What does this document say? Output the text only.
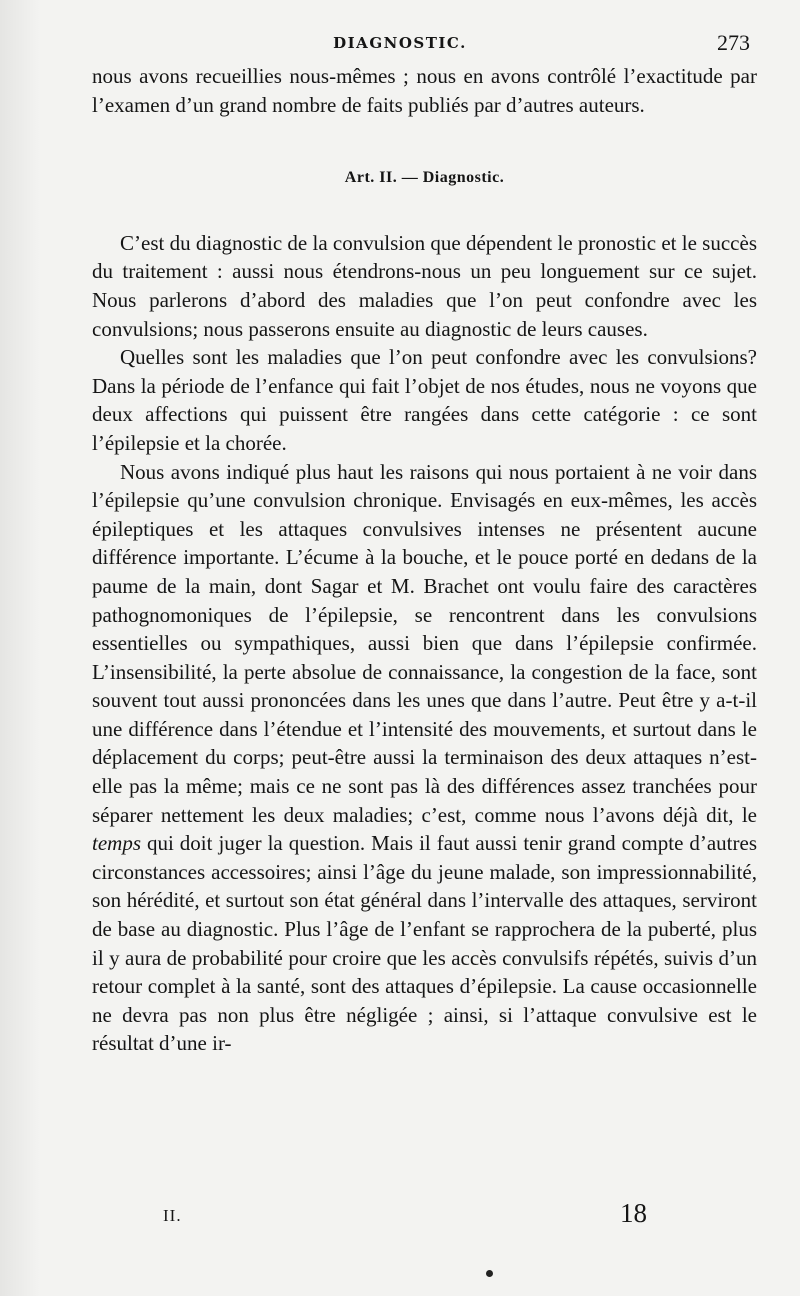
DIAGNOSTIC.	273

nous avons recueillies nous-mêmes ; nous en avons contrôlé l’exactitude par l’examen d’un grand nombre de faits publiés par d’autres auteurs.

Art. II. — Diagnostic.

C’est du diagnostic de la convulsion que dépendent le pronostic et le succès du traitement : aussi nous étendrons-nous un peu longuement sur ce sujet. Nous parlerons d’abord des maladies que l’on peut confondre avec les convulsions; nous passerons ensuite au diagnostic de leurs causes.

Quelles sont les maladies que l’on peut confondre avec les convulsions? Dans la période de l’enfance qui fait l’objet de nos études, nous ne voyons que deux affections qui puissent être rangées dans cette catégorie : ce sont l’épilepsie et la chorée.

Nous avons indiqué plus haut les raisons qui nous portaient à ne voir dans l’épilepsie qu’une convulsion chronique. Envisagés en eux-mêmes, les accès épileptiques et les attaques convulsives intenses ne présentent aucune différence importante. L’écume à la bouche, et le pouce porté en dedans de la paume de la main, dont Sagar et M. Brachet ont voulu faire des caractères pathognomoniques de l’épilepsie, se rencontrent dans les convulsions essentielles ou sympathiques, aussi bien que dans l’épilepsie confirmée. L’insensibilité, la perte absolue de connaissance, la congestion de la face, sont souvent tout aussi prononcées dans les unes que dans l’autre. Peut être y a-t-il une différence dans l’étendue et l’intensité des mouvements, et surtout dans le déplacement du corps; peut-être aussi la terminaison des deux attaques n’est-elle pas la même; mais ce ne sont pas là des différences assez tranchées pour séparer nettement les deux maladies; c’est, comme nous l’avons déjà dit, le temps qui doit juger la question. Mais il faut aussi tenir grand compte d’autres circonstances accessoires; ainsi l’âge du jeune malade, son impressionnabilité, son hérédité, et surtout son état général dans l’intervalle des attaques, serviront de base au diagnostic. Plus l’âge de l’enfant se rapprochera de la puberté, plus il y aura de probabilité pour croire que les accès convulsifs répétés, suivis d’un retour complet à la santé, sont des attaques d’épilepsie. La cause occasionnelle ne devra pas non plus être négligée ; ainsi, si l’attaque convulsive est le résultat d’une ir-

II.	18
